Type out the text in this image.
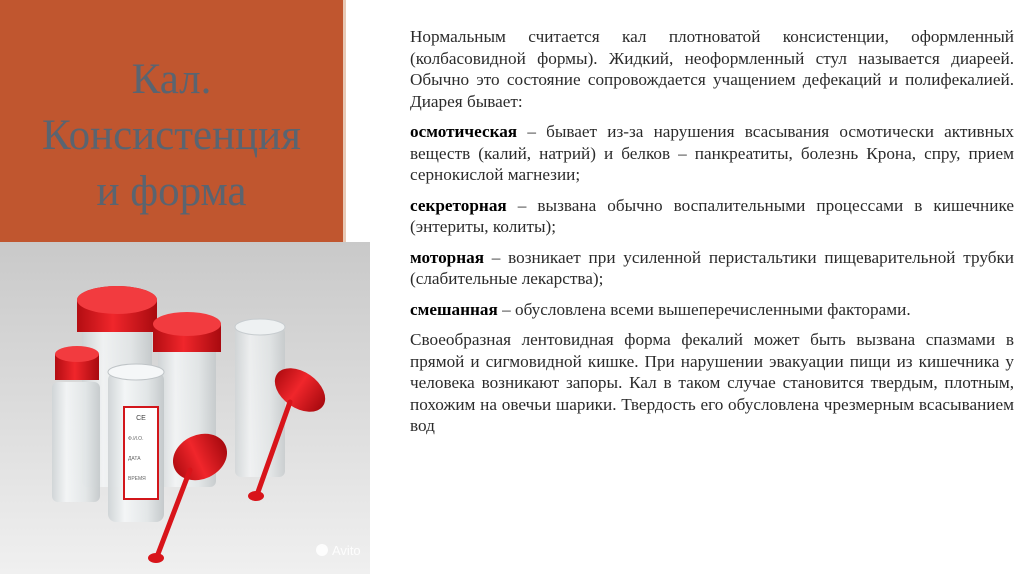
Кал.
Консистенция
и форма
CE
Ф.И.О.
ДАТА
ВРЕМЯ
Avito

Нормальным считается кал плотноватой консистенции, оформленный (колбасовидной формы). Жидкий, неоформленный стул называется диареей. Обычно это состояние сопровождается учащением дефекаций и полифекалией. Диарея бывает:

осмотическая – бывает из-за нарушения всасывания осмотически активных веществ (калий, натрий) и белков – панкреатиты, болезнь Крона, спру, прием сернокислой магнезии;

секреторная – вызвана обычно воспалительными процессами в кишечнике (энтериты, колиты);

моторная – возникает при усиленной перистальтики пищеварительной трубки (слабительные лекарства);

смешанная – обусловлена всеми вышеперечисленными факторами.

Своеобразная лентовидная форма фекалий может быть вызвана спазмами в прямой и сигмовидной кишке. При нарушении эвакуации пищи из кишечника у человека возникают запоры. Кал в таком случае становится твердым, плотным, похожим на овечьи шарики. Твердость его обусловлена чрезмерным всасыванием вод
